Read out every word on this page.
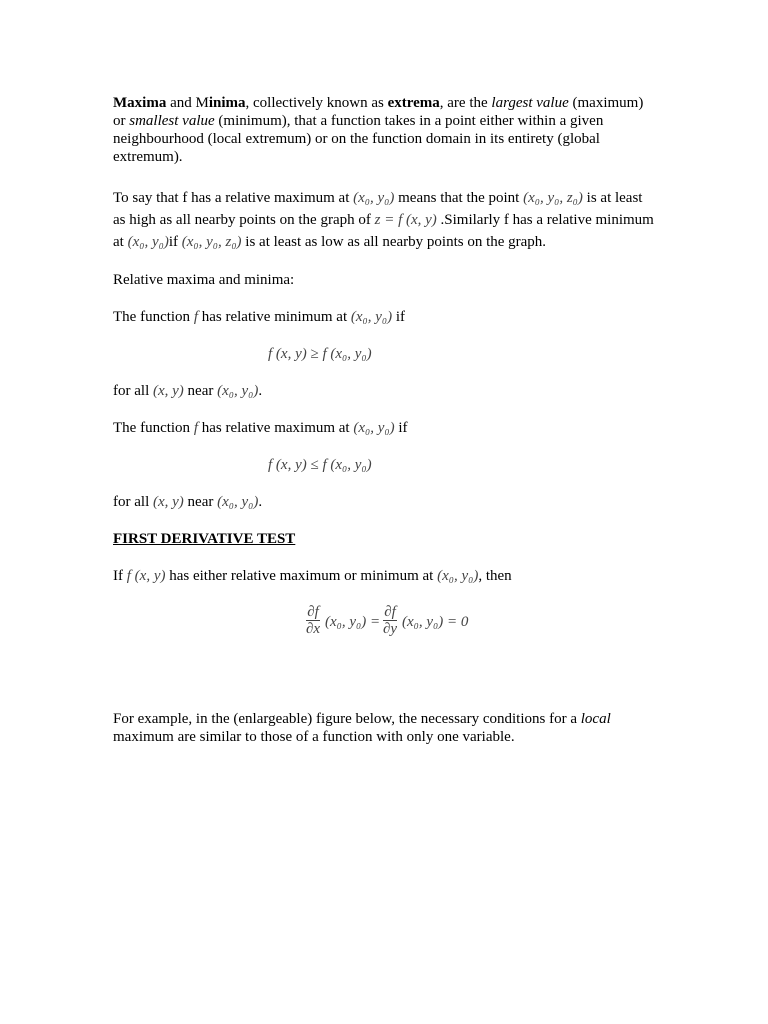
Maxima and Minima, collectively known as extrema, are the largest value (maximum) or smallest value (minimum), that a function takes in a point either within a given neighbourhood (local extremum) or on the function domain in its entirety (global extremum).

To say that f has a relative maximum at (x₀, y₀) means that the point (x₀, y₀, z₀) is at least as high as all nearby points on the graph of z = f (x, y) .Similarly f has a relative minimum at (x₀, y₀)if (x₀, y₀, z₀) is at least as low as all nearby points on the graph.

Relative maxima and minima:

The function f has relative minimum at (x₀, y₀) if

f (x, y) ≥ f (x₀, y₀)

for all (x, y) near (x₀, y₀).

The function f has relative maximum at (x₀, y₀) if

f (x, y) ≤ f (x₀, y₀)

for all (x, y) near (x₀, y₀).

FIRST DERIVATIVE TEST

If f (x, y) has either relative maximum or minimum at (x₀, y₀), then

$\frac{\partial f}{\partial x} (x_0$, $y_0) = \frac{\partial f}{\partial y} (x_0$, y₀) = 0

For example, in the (enlargeable) figure below, the necessary conditions for a local maximum are similar to those of a function with only one variable.
